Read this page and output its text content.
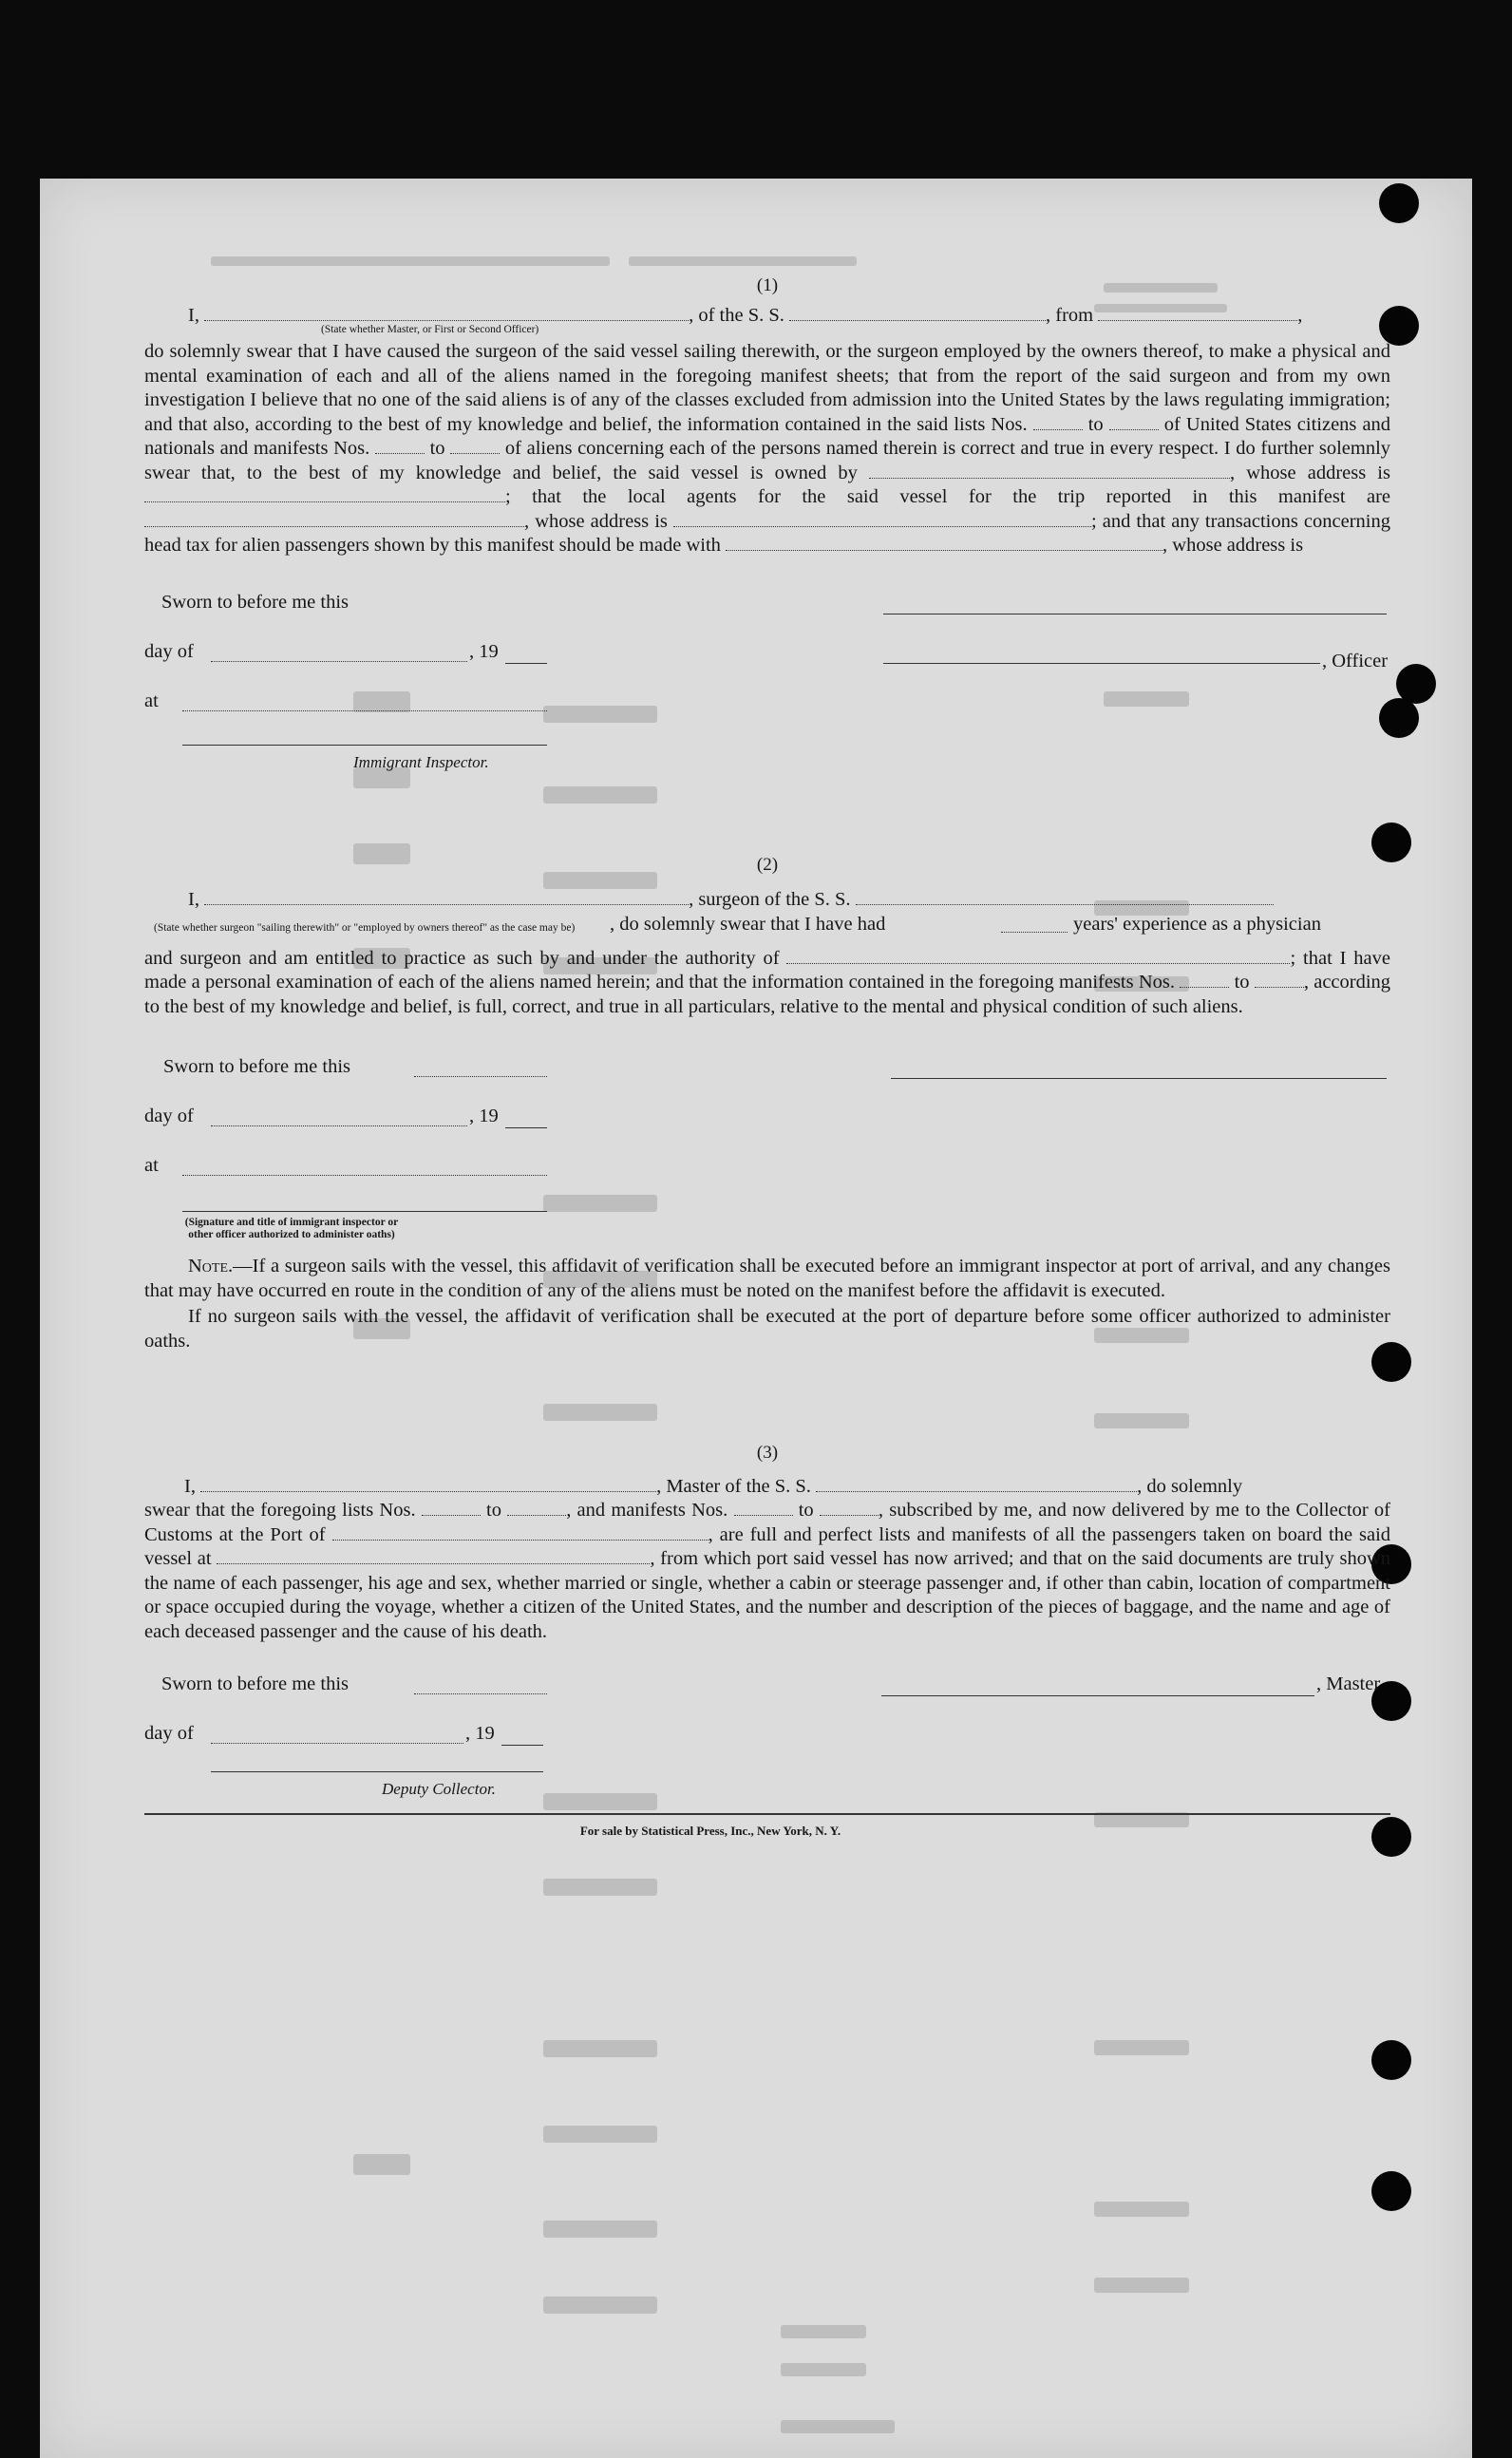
(1)
I,	, of the S. S.	, from	,
(State whether Master, or First or Second Officer)

do solemnly swear that I have caused the surgeon of the said vessel sailing therewith, or the surgeon employed by the owners thereof, to make a physical and mental examination of each and all of the aliens named in the foregoing manifest sheets; that from the report of the said surgeon and from my own investigation I believe that no one of the said aliens is of any of the classes excluded from admission into the United States by the laws regulating immigration; and that also, according to the best of my knowledge and belief, the information contained in the said lists Nos.	to	of United States citizens and nationals and manifests Nos.	to	of aliens concerning each of the persons named therein is correct and true in every respect. I do further solemnly swear that, to the best of my knowledge and belief, the said vessel is owned by	, whose address is ; that the local agents for the said vessel for the trip reported in this manifest are , whose address is	; and that any transactions concerning head tax for alien passengers shown by this manifest should be made with	, whose address is

Sworn to before me this
day of	, 19	, Officer
at
Immigrant Inspector.
(2)
I,	, surgeon of the S. S.
(State whether surgeon "sailing therewith" or "employed by owners thereof" as the case may be) , do solemnly swear that I have had	years' experience as a physician

and surgeon and am entitled to practice as such by and under the authority of	; that I have made a personal examination of each of the aliens named herein; and that the information contained in the foregoing manifests Nos.	to	, according to the best of my knowledge and belief, is full, correct, and true in all particulars, relative to the mental and physical condition of such aliens.

Sworn to before me this
day of	, 19
at
(Signature and title of immigrant inspector or other officer authorized to administer oaths)

Note.—If a surgeon sails with the vessel, this affidavit of verification shall be executed before an immigrant inspector at port of arrival, and any changes that may have occurred en route in the condition of any of the aliens must be noted on the manifest before the affidavit is executed.

If no surgeon sails with the vessel, the affidavit of verification shall be executed at the port of departure before some officer authorized to administer oaths.

(3)
I,	, Master of the S. S.	, do solemnly

swear that the foregoing lists Nos.	to	, and manifests Nos.	to	, subscribed by me, and now delivered by me to the Collector of Customs at the Port of	, are full and perfect lists and manifests of all the passengers taken on board the said vessel at	, from which port said vessel has now arrived; and that on the said documents are truly shown the name of each passenger, his age and sex, whether married or single, whether a cabin or steerage passenger and, if other than cabin, location of compartment or space occupied during the voyage, whether a citizen of the United States, and the number and description of the pieces of baggage, and the name and age of each deceased passenger and the cause of his death.

Sworn to before me this	, Master
day of	, 19
Deputy Collector.
For sale by Statistical Press, Inc., New York, N. Y.
